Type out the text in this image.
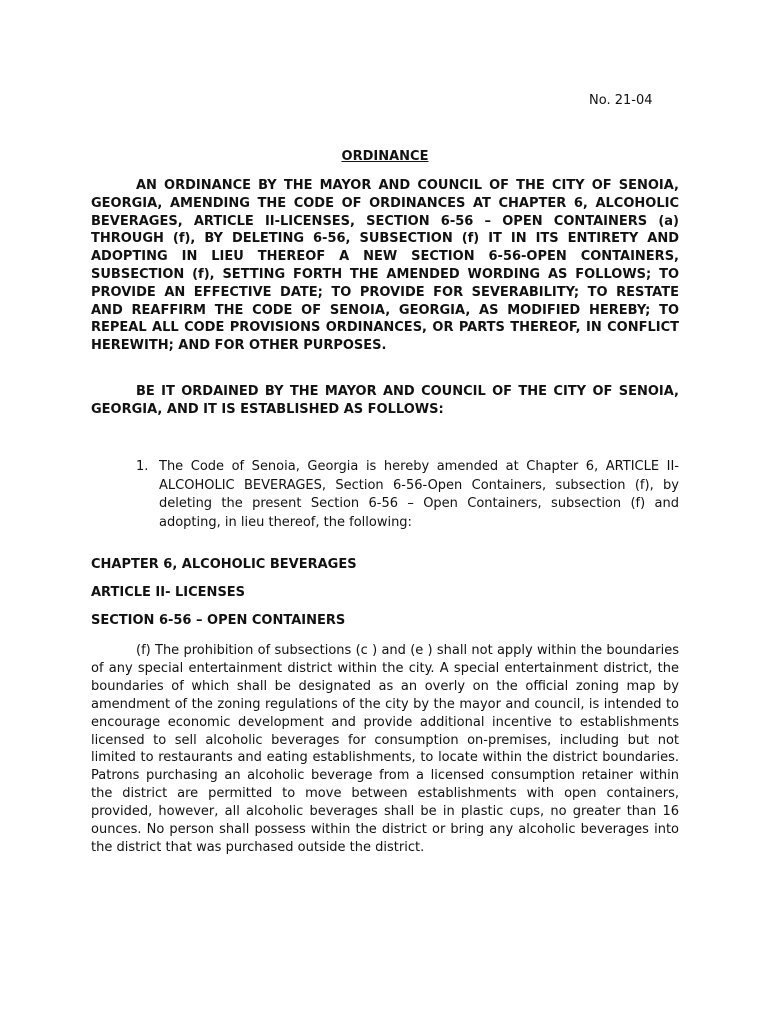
No. 21-04
ORDINANCE

AN ORDINANCE BY THE MAYOR AND COUNCIL OF THE CITY OF SENOIA, GEORGIA, AMENDING THE CODE OF ORDINANCES AT CHAPTER 6, ALCOHOLIC BEVERAGES, ARTICLE II-LICENSES, SECTION 6-56 – OPEN CONTAINERS (a) THROUGH (f), BY DELETING 6-56, SUBSECTION (f) IT IN ITS ENTIRETY AND ADOPTING IN LIEU THEREOF A NEW SECTION 6-56-OPEN CONTAINERS, SUBSECTION (f), SETTING FORTH THE AMENDED WORDING AS FOLLOWS; TO PROVIDE AN EFFECTIVE DATE; TO PROVIDE FOR SEVERABILITY; TO RESTATE AND REAFFIRM THE CODE OF SENOIA, GEORGIA, AS MODIFIED HEREBY; TO REPEAL ALL CODE PROVISIONS ORDINANCES, OR PARTS THEREOF, IN CONFLICT HEREWITH; AND FOR OTHER PURPOSES.

BE IT ORDAINED BY THE MAYOR AND COUNCIL OF THE CITY OF SENOIA, GEORGIA, AND IT IS ESTABLISHED AS FOLLOWS:

1. The Code of Senoia, Georgia is hereby amended at Chapter 6, ARTICLE II-ALCOHOLIC BEVERAGES, Section 6-56-Open Containers, subsection (f), by deleting the present Section 6-56 – Open Containers, subsection (f) and adopting, in lieu thereof, the following:
CHAPTER 6, ALCOHOLIC BEVERAGES
ARTICLE II- LICENSES
SECTION 6-56 – OPEN CONTAINERS

(f) The prohibition of subsections (c ) and (e ) shall not apply within the boundaries of any special entertainment district within the city. A special entertainment district, the boundaries of which shall be designated as an overly on the official zoning map by amendment of the zoning regulations of the city by the mayor and council, is intended to encourage economic development and provide additional incentive to establishments licensed to sell alcoholic beverages for consumption on-premises, including but not limited to restaurants and eating establishments, to locate within the district boundaries. Patrons purchasing an alcoholic beverage from a licensed consumption retainer within the district are permitted to move between establishments with open containers, provided, however, all alcoholic beverages shall be in plastic cups, no greater than 16 ounces. No person shall possess within the district or bring any alcoholic beverages into the district that was purchased outside the district.
